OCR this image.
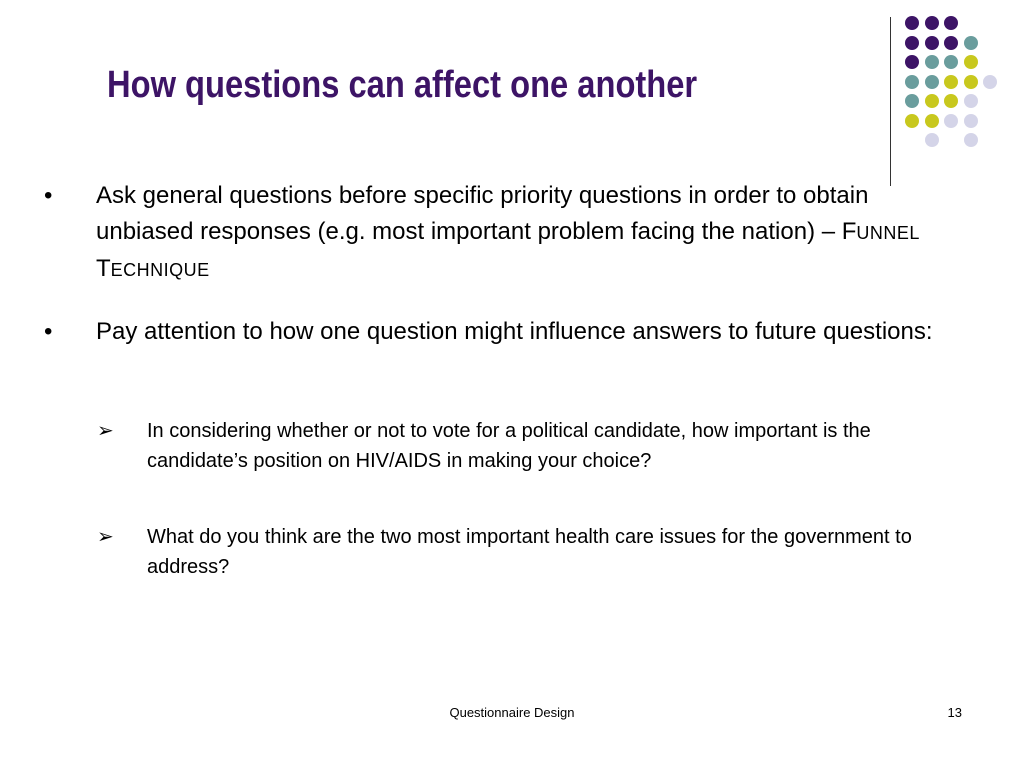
How questions can affect one another
• Ask general questions before specific priority questions in order to obtain unbiased responses (e.g. most important problem facing the nation) – FUNNEL TECHNIQUE
• Pay attention to how one question might influence answers to future questions:
➢ In considering whether or not to vote for a political candidate, how important is the candidate’s position on HIV/AIDS in making your choice?
➢ What do you think are the two most important health care issues for the government to address?
Questionnaire Design	13
